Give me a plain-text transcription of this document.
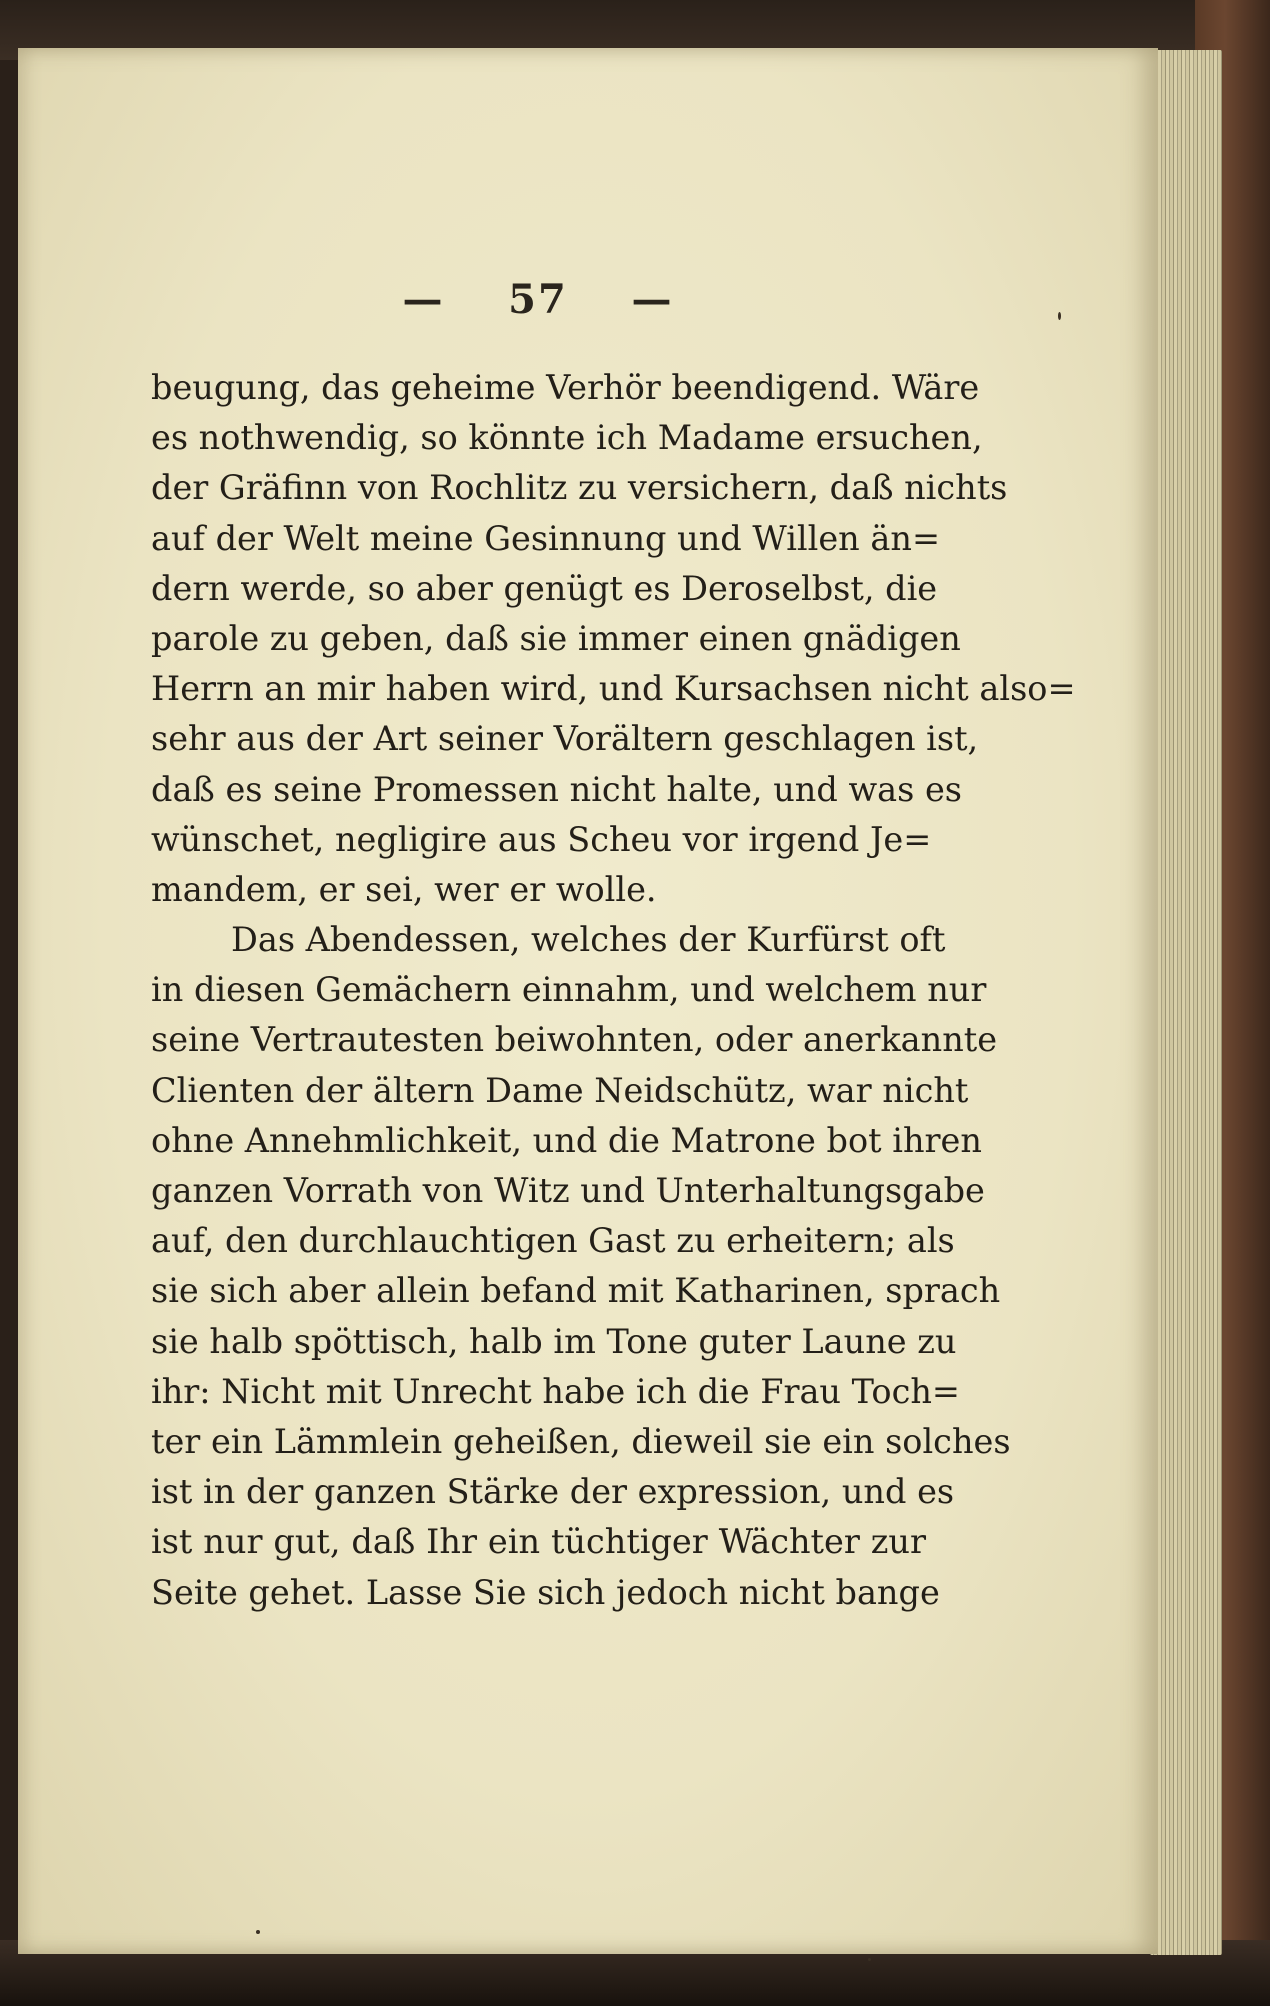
— 57 —
beugung, das geheime Verhör beendigend. Wäre
es nothwendig, so könnte ich Madame ersuchen,
der Gräfinn von Rochlitz zu versichern, daß nichts
auf der Welt meine Gesinnung und Willen än=
dern werde, so aber genügt es Deroselbst, die
parole zu geben, daß sie immer einen gnädigen
Herrn an mir haben wird, und Kursachsen nicht also=
sehr aus der Art seiner Vorältern geschlagen ist,
daß es seine Promessen nicht halte, und was es
wünschet, negligire aus Scheu vor irgend Je=
mandem, er sei, wer er wolle.
Das Abendessen, welches der Kurfürst oft
in diesen Gemächern einnahm, und welchem nur
seine Vertrautesten beiwohnten, oder anerkannte
Clienten der ältern Dame Neidschütz, war nicht
ohne Annehmlichkeit, und die Matrone bot ihren
ganzen Vorrath von Witz und Unterhaltungsgabe
auf, den durchlauchtigen Gast zu erheitern; als
sie sich aber allein befand mit Katharinen, sprach
sie halb spöttisch, halb im Tone guter Laune zu
ihr: Nicht mit Unrecht habe ich die Frau Toch=
ter ein Lämmlein geheißen, dieweil sie ein solches
ist in der ganzen Stärke der expression, und es
ist nur gut, daß Ihr ein tüchtiger Wächter zur
Seite gehet. Lasse Sie sich jedoch nicht bange
